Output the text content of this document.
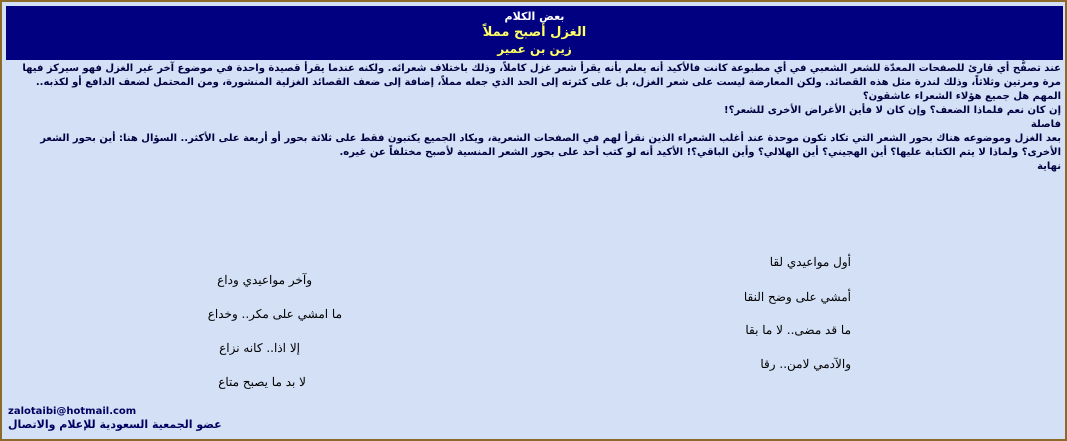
بعض الكلام
الغزل أصبح مملاً
زين بن عمير

عند تصفُّح أي قارئ للصفحات المعدّة للشعر الشعبي في أي مطبوعة كانت فالأكيد أنه يعلم بأنه يقرأ شعر غزل كاملاً، وذلك باختلاف شعرائه. ولكنه عندما يقرأ قصيدة واحدة في موضوع آخر غير الغزل فهو سيركز فيها مرة ومرتين وثلاثاً، وذلك لندرة مثل هذه القصائد. ولكن المعارضة ليست على شعر الغزل، بل على كثرته إلى الحد الذي جعله مملاً، إضافة إلى ضعف القصائد الغزلية المنشورة، ومن المحتمل لضعف الدافع أو لكذبه.. المهم هل جميع هؤلاء الشعراء عاشقون؟

إن كان نعم فلماذا الضعف؟ وإن كان لا فأين الأغراض الأخرى للشعر؟!

فاصلة

بعد الغزل وموضوعه هناك بحور الشعر التي تكاد تكون موحدة عند أغلب الشعراء الذين نقرأ لهم في الصفحات الشعرية، ويكاد الجميع يكتبون فقط على ثلاثة بحور أو أربعة على الأكثر.. السؤال هنا: أين بحور الشعر الأخرى؟ ولماذا لا يتم الكتابة عليها؟ أين الهجيني؟ أين الهلالي؟ وأين الباقي؟! الأكيد أنه لو كتب أحد على بحور الشعر المنسية لأصبح مختلفاً عن غيره.

نهاية

أول مواعيدي لقا
أمشي على وضح النقا
ما قد مضى.. لا ما بقا
والآدمي لامن.. رقا
وآخر مواعيدي وداع
ما امشي على مكر.. وخداع
إلا اذا.. كانه نزاع
لا بد ما يصبح متاع
zalotaibi@hotmail.com
عضو الجمعية السعودية للإعلام والاتصال
